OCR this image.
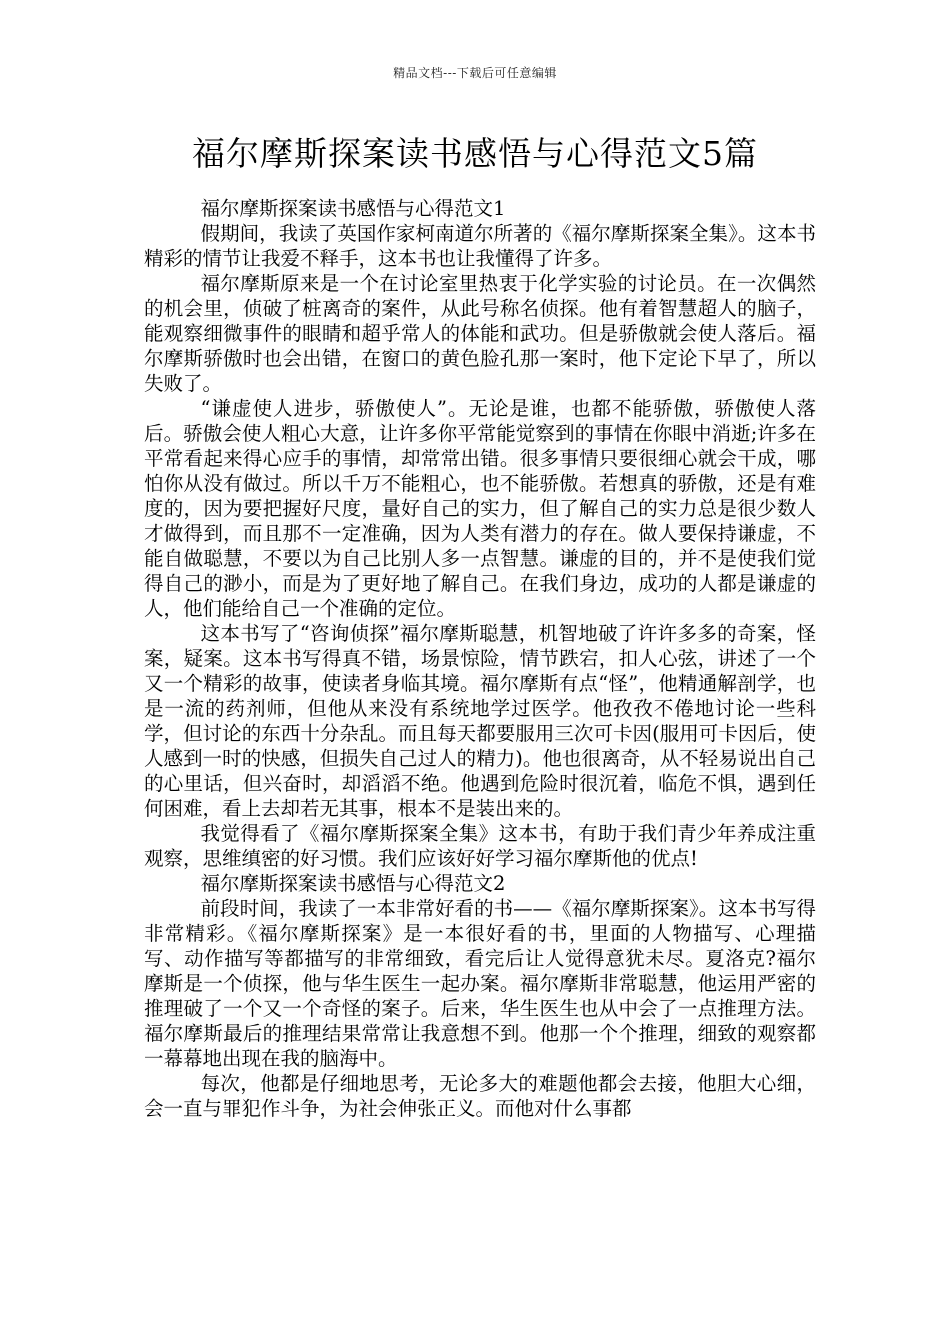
精品文档---下载后可任意编辑
福尔摩斯探案读书感悟与心得范文5篇

福尔摩斯探案读书感悟与心得范文1

假期间，我读了英国作家柯南道尔所著的《福尔摩斯探案全集》。这本书精彩的情节让我爱不释手，这本书也让我懂得了许多。

福尔摩斯原来是一个在讨论室里热衷于化学实验的讨论员。在一次偶然的机会里，侦破了桩离奇的案件，从此号称名侦探。他有着智慧超人的脑子，能观察细微事件的眼睛和超乎常人的体能和武功。但是骄傲就会使人落后。福尔摩斯骄傲时也会出错，在窗口的黄色脸孔那一案时，他下定论下早了，所以失败了。

“谦虚使人进步，骄傲使人”。无论是谁，也都不能骄傲，骄傲使人落后。骄傲会使人粗心大意，让许多你平常能觉察到的事情在你眼中消逝;许多在平常看起来得心应手的事情，却常常出错。很多事情只要很细心就会干成，哪怕你从没有做过。所以千万不能粗心，也不能骄傲。若想真的骄傲，还是有难度的，因为要把握好尺度，量好自己的实力，但了解自己的实力总是很少数人才做得到，而且那不一定准确，因为人类有潜力的存在。做人要保持谦虚，不能自做聪慧，不要以为自己比别人多一点智慧。谦虚的目的，并不是使我们觉得自己的渺小，而是为了更好地了解自己。在我们身边，成功的人都是谦虚的人，他们能给自己一个准确的定位。

这本书写了“咨询侦探”福尔摩斯聪慧，机智地破了许许多多的奇案，怪案，疑案。这本书写得真不错，场景惊险，情节跌宕，扣人心弦，讲述了一个又一个精彩的故事，使读者身临其境。福尔摩斯有点“怪”，他精通解剖学，也是一流的药剂师，但他从来没有系统地学过医学。他孜孜不倦地讨论一些科学，但讨论的东西十分杂乱。而且每天都要服用三次可卡因(服用可卡因后，使人感到一时的快感，但损失自己过人的精力)。他也很离奇，从不轻易说出自己的心里话，但兴奋时，却滔滔不绝。他遇到危险时很沉着，临危不惧，遇到任何困难，看上去却若无其事，根本不是装出来的。

我觉得看了《福尔摩斯探案全集》这本书，有助于我们青少年养成注重观察，思维缜密的好习惯。我们应该好好学习福尔摩斯他的优点!

福尔摩斯探案读书感悟与心得范文2

前段时间，我读了一本非常好看的书——《福尔摩斯探案》。这本书写得非常精彩。《福尔摩斯探案》是一本很好看的书，里面的人物描写、心理描写、动作描写等都描写的非常细致，看完后让人觉得意犹未尽。夏洛克?福尔摩斯是一个侦探，他与华生医生一起办案。福尔摩斯非常聪慧，他运用严密的推理破了一个又一个奇怪的案子。后来，华生医生也从中会了一点推理方法。福尔摩斯最后的推理结果常常让我意想不到。他那一个个推理，细致的观察都一幕幕地出现在我的脑海中。

每次，他都是仔细地思考，无论多大的难题他都会去接，他胆大心细，会一直与罪犯作斗争，为社会伸张正义。而他对什么事都
